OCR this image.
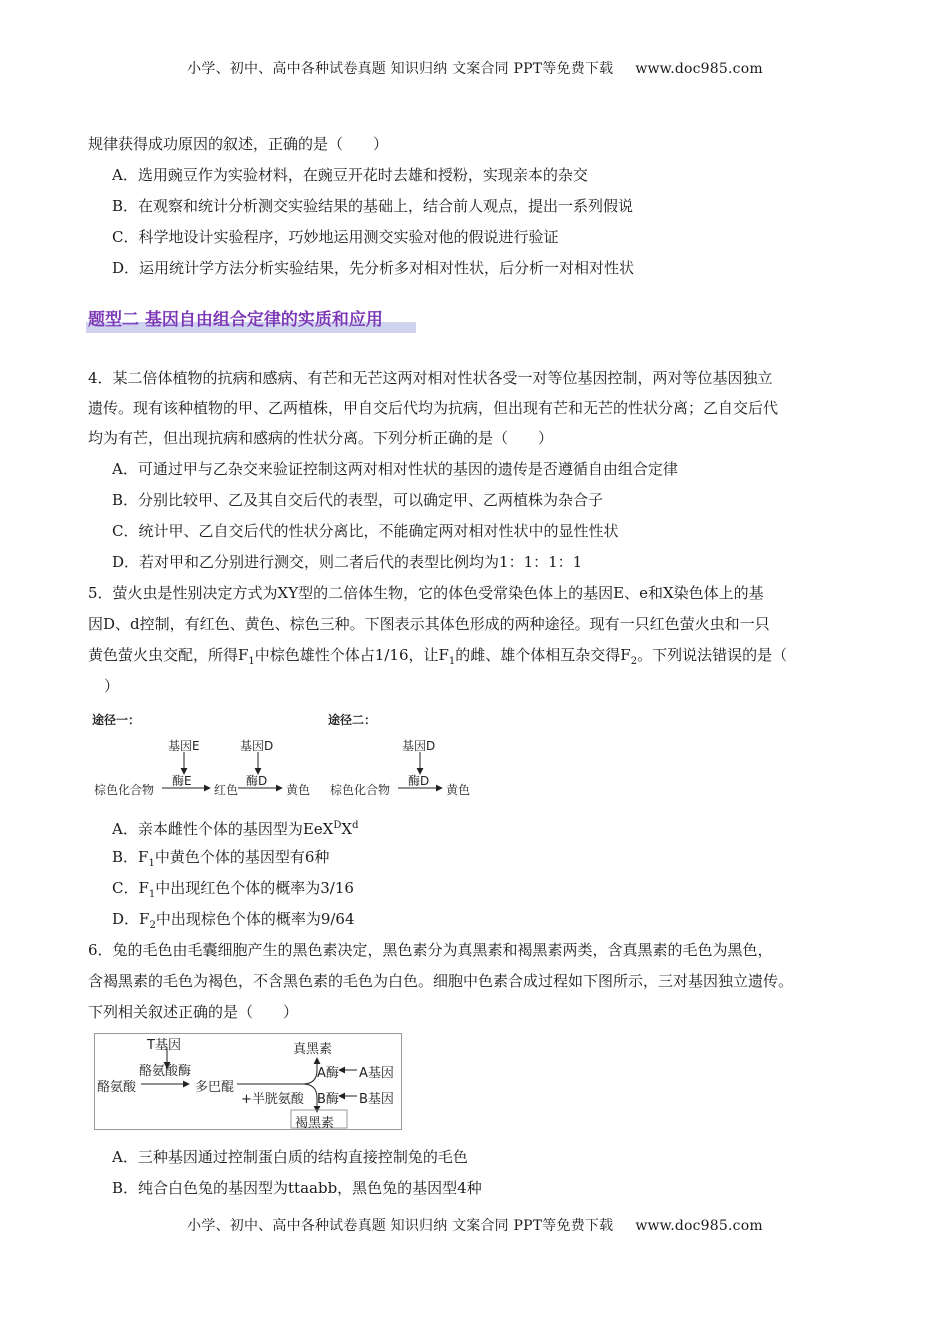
小学、初中、高中各种试卷真题 知识归纳 文案合同 PPT等免费下载 www.doc985.com
规律获得成功原因的叙述，正确的是（　　）
A．选用豌豆作为实验材料，在豌豆开花时去雄和授粉，实现亲本的杂交
B．在观察和统计分析测交实验结果的基础上，结合前人观点，提出一系列假说
C．科学地设计实验程序，巧妙地运用测交实验对他的假说进行验证
D．运用统计学方法分析实验结果，先分析多对相对性状，后分析一对相对性状
题型二 基因自由组合定律的实质和应用
4．某二倍体植物的抗病和感病、有芒和无芒这两对相对性状各受一对等位基因控制，两对等位基因独立
遗传。现有该种植物的甲、乙两植株，甲自交后代均为抗病，但出现有芒和无芒的性状分离；乙自交后代
均为有芒，但出现抗病和感病的性状分离。下列分析正确的是（　　）
A．可通过甲与乙杂交来验证控制这两对相对性状的基因的遗传是否遵循自由组合定律
B．分别比较甲、乙及其自交后代的表型，可以确定甲、乙两植株为杂合子
C．统计甲、乙自交后代的性状分离比，不能确定两对相对性状中的显性性状
D．若对甲和乙分别进行测交，则二者后代的表型比例均为1：1：1：1
5．萤火虫是性别决定方式为XY型的二倍体生物，它的体色受常染色体上的基因E、e和X染色体上的基
因D、d控制，有红色、黄色、棕色三种。下图表示其体色形成的两种途径。现有一只红色萤火虫和一只
黄色萤火虫交配，所得$F_1$中棕色雄性个体占1/16，让$F_1$的雌、雄个体相互杂交得$F_2$。下列说法错误的是（
）
途径一：
基因E	基因D
酶E	酶D
棕色化合物	红色	黄色
途径二：
基因D
酶D
棕色化合物	黄色
A．亲本雌性个体的基因型为$EeX^DX^d$
B．$F_1$中黄色个体的基因型有6种
C．$F_1$中出现红色个体的概率为3/16
D．$F_2$中出现棕色个体的概率为9/64
6．兔的毛色由毛囊细胞产生的黑色素决定，黑色素分为真黑素和褐黑素两类，含真黑素的毛色为黑色，
含褐黑素的毛色为褐色，不含黑色素的毛色为白色。细胞中色素合成过程如下图所示，三对基因独立遗传。
下列相关叙述正确的是（　　）
T基因
酪氨酸酶
酪氨酸	多巴醌
+半胱氨酸
真黑素
褐黑素
A酶
B酶
A基因
B基因
A．三种基因通过控制蛋白质的结构直接控制兔的毛色
B．纯合白色兔的基因型为ttaabb，黑色兔的基因型4种
小学、初中、高中各种试卷真题 知识归纳 文案合同 PPT等免费下载 www.doc985.com
